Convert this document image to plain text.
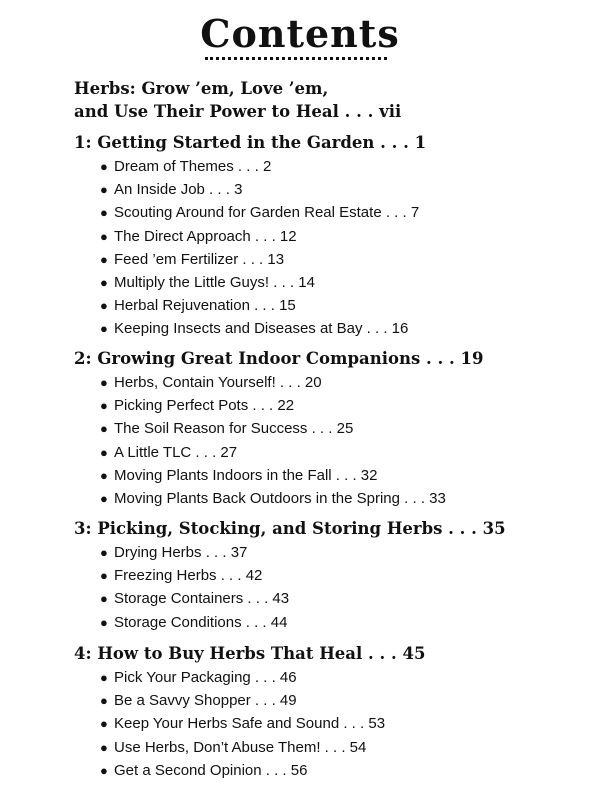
Contents
Herbs: Grow ’em, Love ’em,
and Use Their Power to Heal . . . vii
1: Getting Started in the Garden . . . 1
● Dream of Themes . . . 2
● An Inside Job . . . 3
● Scouting Around for Garden Real Estate . . . 7
● The Direct Approach . . . 12
● Feed ’em Fertilizer . . . 13
● Multiply the Little Guys! . . . 14
● Herbal Rejuvenation . . . 15
● Keeping Insects and Diseases at Bay . . . 16
2: Growing Great Indoor Companions . . . 19
● Herbs, Contain Yourself! . . . 20
● Picking Perfect Pots . . . 22
● The Soil Reason for Success . . . 25
● A Little TLC . . . 27
● Moving Plants Indoors in the Fall . . . 32
● Moving Plants Back Outdoors in the Spring . . . 33
3: Picking, Stocking, and Storing Herbs . . . 35
● Drying Herbs . . . 37
● Freezing Herbs . . . 42
● Storage Containers . . . 43
● Storage Conditions . . . 44
4: How to Buy Herbs That Heal . . . 45
● Pick Your Packaging . . . 46
● Be a Savvy Shopper . . . 49
● Keep Your Herbs Safe and Sound . . . 53
● Use Herbs, Don’t Abuse Them! . . . 54
● Get a Second Opinion . . . 56
